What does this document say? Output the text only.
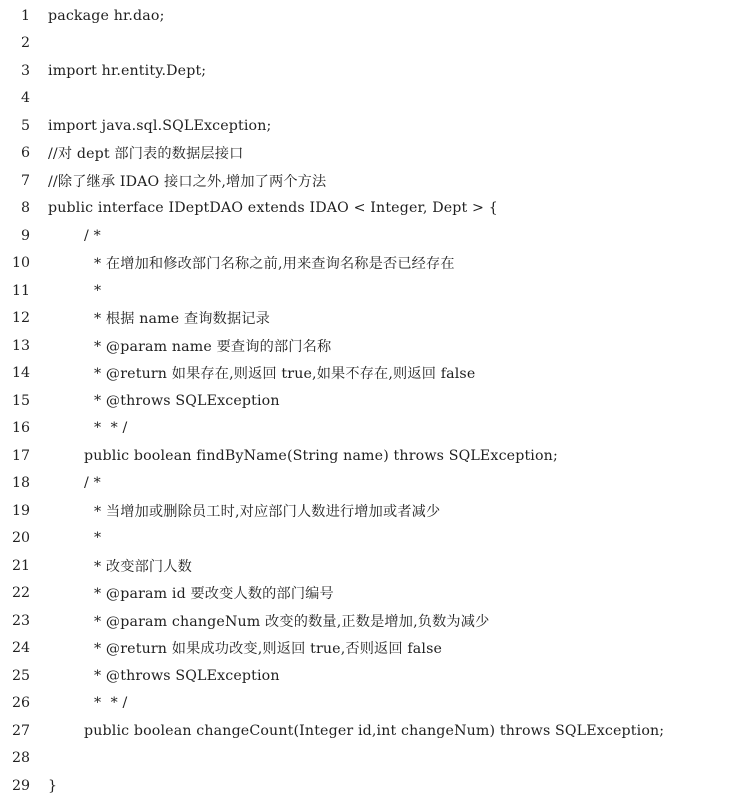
1	package hr.dao;
2
3	import hr.entity.Dept;
4
5	import java.sql.SQLException;
6	//对 dept 部门表的数据层接口
7	//除了继承 IDAO 接口之外,增加了两个方法
8	public interface IDeptDAO extends IDAO < Integer, Dept > {
9	/ *
10	* 在增加和修改部门名称之前,用来查询名称是否已经存在
11	*
12	* 根据 name 查询数据记录
13	* @param name 要查询的部门名称
14	* @return 如果存在,则返回 true,如果不存在,则返回 false
15	* @throws SQLException
16	*  * /
17	public boolean findByName(String name) throws SQLException;
18	/ *
19	* 当增加或删除员工时,对应部门人数进行增加或者减少
20	*
21	* 改变部门人数
22	* @param id 要改变人数的部门编号
23	* @param changeNum 改变的数量,正数是增加,负数为减少
24	* @return 如果成功改变,则返回 true,否则返回 false
25	* @throws SQLException
26	*  * /
27	public boolean changeCount(Integer id,int changeNum) throws SQLException;
28
29	}
